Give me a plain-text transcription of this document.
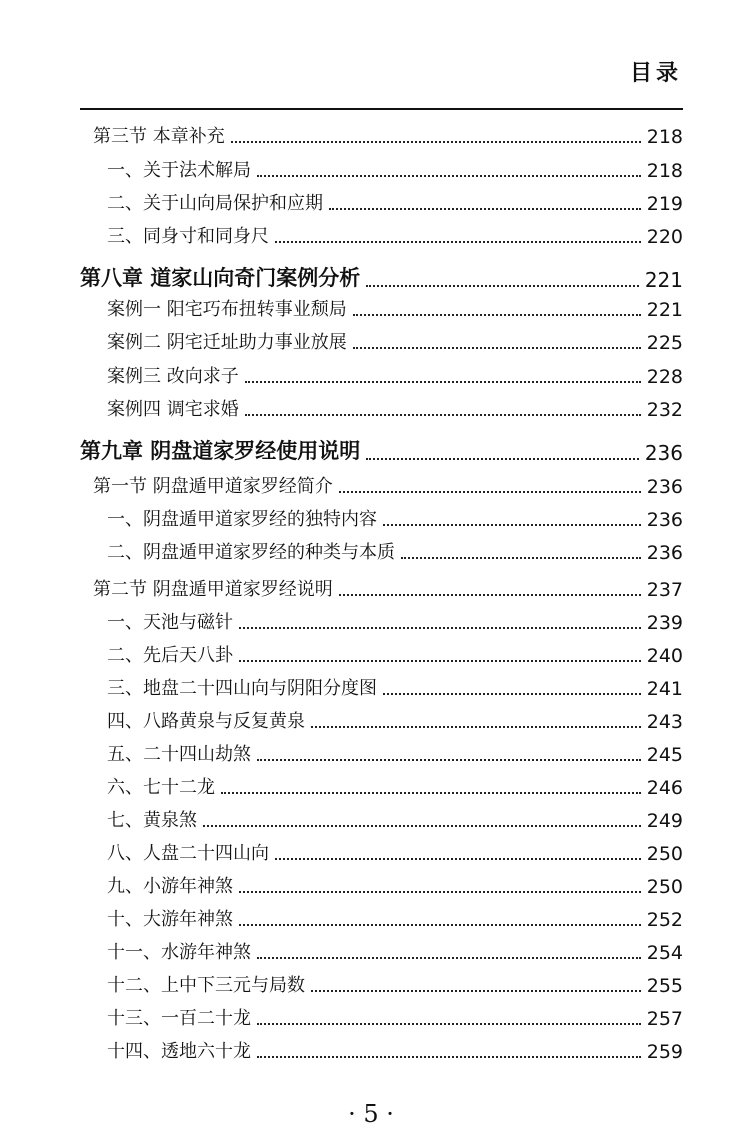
目录
第三节 本章补充	218
一、关于法术解局	218
二、关于山向局保护和应期	219
三、同身寸和同身尺	220
第八章 道家山向奇门案例分析	221
案例一 阳宅巧布扭转事业颓局	221
案例二 阴宅迁址助力事业放展	225
案例三 改向求子	228
案例四 调宅求婚	232
第九章 阴盘道家罗经使用说明	236
第一节 阴盘遁甲道家罗经简介	236
一、阴盘遁甲道家罗经的独特内容	236
二、阴盘遁甲道家罗经的种类与本质	236
第二节 阴盘遁甲道家罗经说明	237
一、天池与磁针	239
二、先后天八卦	240
三、地盘二十四山向与阴阳分度图	241
四、八路黄泉与反复黄泉	243
五、二十四山劫煞	245
六、七十二龙	246
七、黄泉煞	249
八、人盘二十四山向	250
九、小游年神煞	250
十、大游年神煞	252
十一、水游年神煞	254
十二、上中下三元与局数	255
十三、一百二十龙	257
十四、透地六十龙	259
· 5 ·
